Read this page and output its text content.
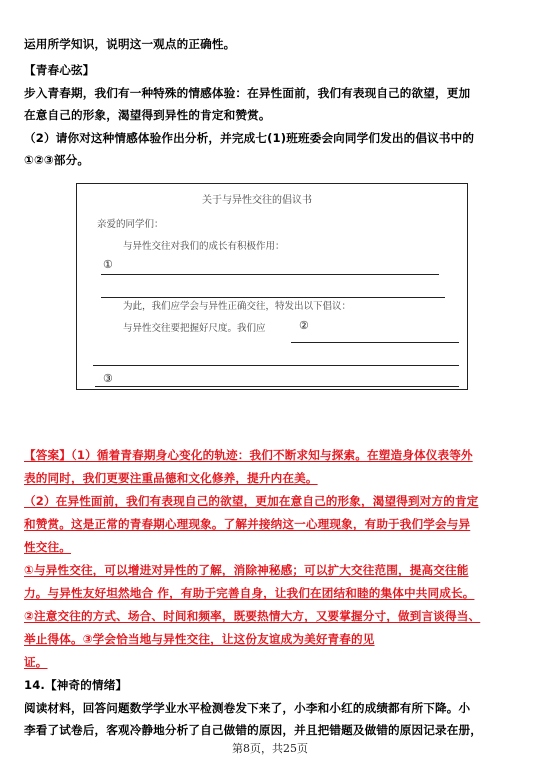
运用所学知识，说明这一观点的正确性。
【青春心弦】
步入青春期，我们有一种特殊的情感体验：在异性面前，我们有表现自己的欲望，更加
在意自己的形象，渴望得到异性的肯定和赞赏。
（2）请你对这种情感体验作出分析，并完成七(1)班班委会向同学们发出的倡议书中的
①②③部分。
关于与异性交往的倡议书
亲爱的同学们：
与异性交往对我们的成长有积极作用：
①
为此，我们应学会与异性正确交往，特发出以下倡议：
与异性交往要把握好尺度。我们应	②
③
【答案】（1）循着青春期身心变化的轨迹：我们不断求知与探索。在塑造身体仪表等外
表的同时，我们更要注重品德和文化修养，提升内在美。
（2）在异性面前，我们有表现自己的欲望，更加在意自己的形象，渴望得到对方的肯定
和赞赏。这是正常的青春期心理现象。了解并接纳这一心理现象，有助于我们学会与异
性交往。
①与异性交往，可以增进对异性的了解，消除神秘感；可以扩大交往范围，提高交往能
力。与异性友好坦然地合 作，有助于完善自身，让我们在团结和睦的集体中共同成长。
②注意交往的方式、场合、时间和频率，既要热情大方，又要掌握分寸，做到言谈得当、
举止得体。③学会恰当地与异性交往，让这份友谊成为美好青春的见
证。
14.【神奇的情绪】
阅读材料，回答问题数学学业水平检测卷发下来了，小李和小红的成绩都有所下降。小
李看了试卷后，客观冷静地分析了自己做错的原因，并且把错题及做错的原因记录在册，
第8页，共25页
